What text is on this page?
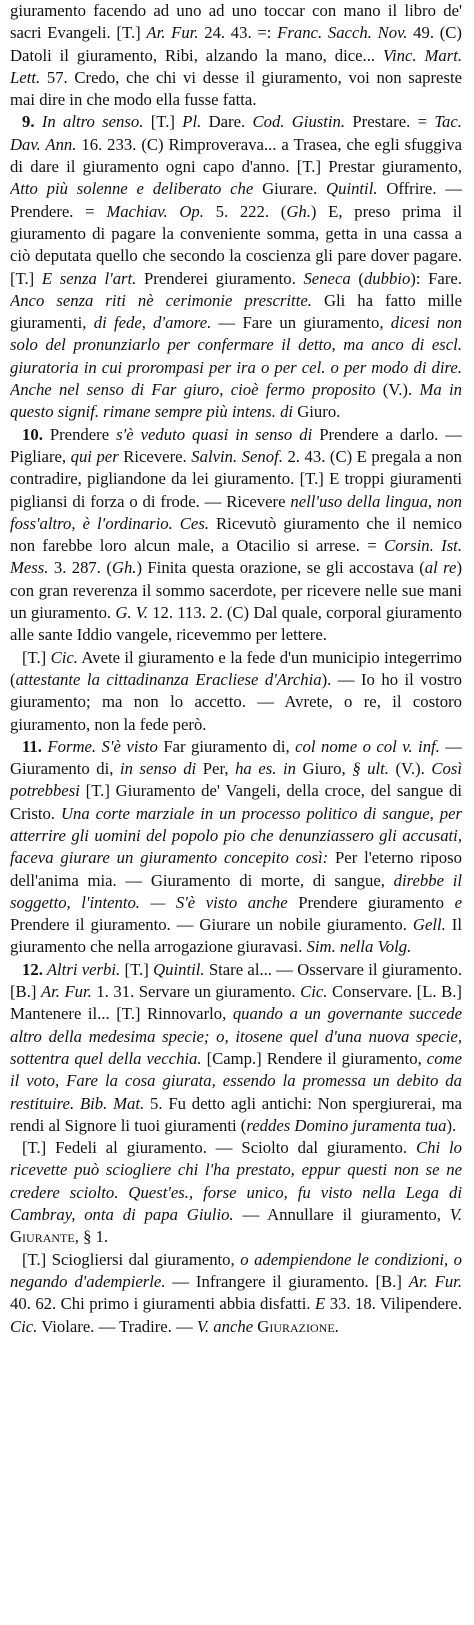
giuramento facendo ad uno ad uno toccar con mano il libro de' sacri Evangeli. [T.] Ar. Fur. 24. 43. =: Franc. Sacch. Nov. 49. (C) Datoli il giuramento, Ribi, alzando la mano, dice... Vinc. Mart. Lett. 57. Credo, che chi vi desse il giuramento, voi non sapreste mai dire in che modo ella fusse fatta.
9. In altro senso. [T.] Pl. Dare. Cod. Giustin. Prestare. = Tac. Dav. Ann. 16. 233. (C) Rimproverava... a Trasea, che egli sfuggiva di dare il giuramento ogni capo d'anno. [T.] Prestar giuramento, Atto più solenne e deliberato che Giurare. Quintil. Offrire. — Prendere. = Machiav. Op. 5. 222. (Gh.) E, preso prima il giuramento di pagare la conveniente somma, getta in una cassa a ciò deputata quello che secondo la coscienza gli pare dover pagare. [T.] E senza l'art. Prenderei giuramento. Seneca (dubbio): Fare. Anco senza riti nè cerimonie prescritte. Gli ha fatto mille giuramenti, di fede, d'amore. — Fare un giuramento, dicesi non solo del pronunziarlo per confermare il detto, ma anco di escl. giuratoria in cui prorompasi per ira o per cel. o per modo di dire. Anche nel senso di Far giuro, cioè fermo proposito (V.). Ma in questo signif. rimane sempre più intens. di Giuro.
10. Prendere s'è veduto quasi in senso di Prendere a darlo. — Pigliare, qui per Ricevere. Salvin. Senof. 2. 43. (C) E pregala a non contradire, pigliandone da lei giuramento. [T.] E troppi giuramenti pigliansi di forza o di frode. — Ricevere nell'uso della lingua, non foss'altro, è l'ordinario. Ces. Ricevutò giuramento che il nemico non farebbe loro alcun male, a Otacilio si arrese. = Corsin. Ist. Mess. 3. 287. (Gh.) Finita questa orazione, se gli accostava (al re) con gran reverenza il sommo sacerdote, per ricevere nelle sue mani un giuramento. G. V. 12. 113. 2. (C) Dal quale, corporal giuramento alle sante Iddio vangele, ricevemmo per lettere.
[T.] Cic. Avete il giuramento e la fede d'un municipio integerrimo (attestante la cittadinanza Eracliese d'Archia). — Io ho il vostro giuramento; ma non lo accetto. — Avrete, o re, il costoro giuramento, non la fede però.
11. Forme. S'è visto Far giuramento di, col nome o col v. inf. — Giuramento di, in senso di Per, ha es. in Giuro, § ult. (V.). Così potrebbesi [T.] Giuramento de' Vangeli, della croce, del sangue di Cristo. Una corte marziale in un processo politico di sangue, per atterrire gli uomini del popolo pio che denunziassero gli accusati, faceva giurare un giuramento concepito così: Per l'eterno riposo dell'anima mia. — Giuramento di morte, di sangue, direbbe il soggetto, l'intento. — S'è visto anche Prendere giuramento e Prendere il giuramento. — Giurare un nobile giuramento. Gell. Il giuramento che nella arrogazione giuravasi. Sim. nella Volg.
12. Altri verbi. [T.] Quintil. Stare al... — Osservare il giuramento. [B.] Ar. Fur. 1. 31. Servare un giuramento. Cic. Conservare. [L. B.] Mantenere il... [T.] Rinnovarlo, quando a un governante succede altro della medesima specie; o, itosene quel d'una nuova specie, sottentra quel della vecchia. [Camp.] Rendere il giuramento, come il voto, Fare la cosa giurata, essendo la promessa un debito da restituire. Bib. Mat. 5. Fu detto agli antichi: Non spergiurerai, ma rendi al Signore li tuoi giuramenti (reddes Domino juramenta tua).
[T.] Fedeli al giuramento. — Sciolto dal giuramento. Chi lo ricevette può sciogliere chi l'ha prestato, eppur questi non se ne credere sciolto. Quest'es., forse unico, fu visto nella Lega di Cambray, onta di papa Giulio. — Annullare il giuramento, V. Giurante, § 1.
[T.] Sciogliersi dal giuramento, o adempiendone le condizioni, o negando d'adempierle. — Infrangere il giuramento. [B.] Ar. Fur. 40. 62. Chi primo i giuramenti abbia disfatti. E 33. 18. Vilipendere. Cic. Violare. — Tradire. — V. anche Giurazione.
